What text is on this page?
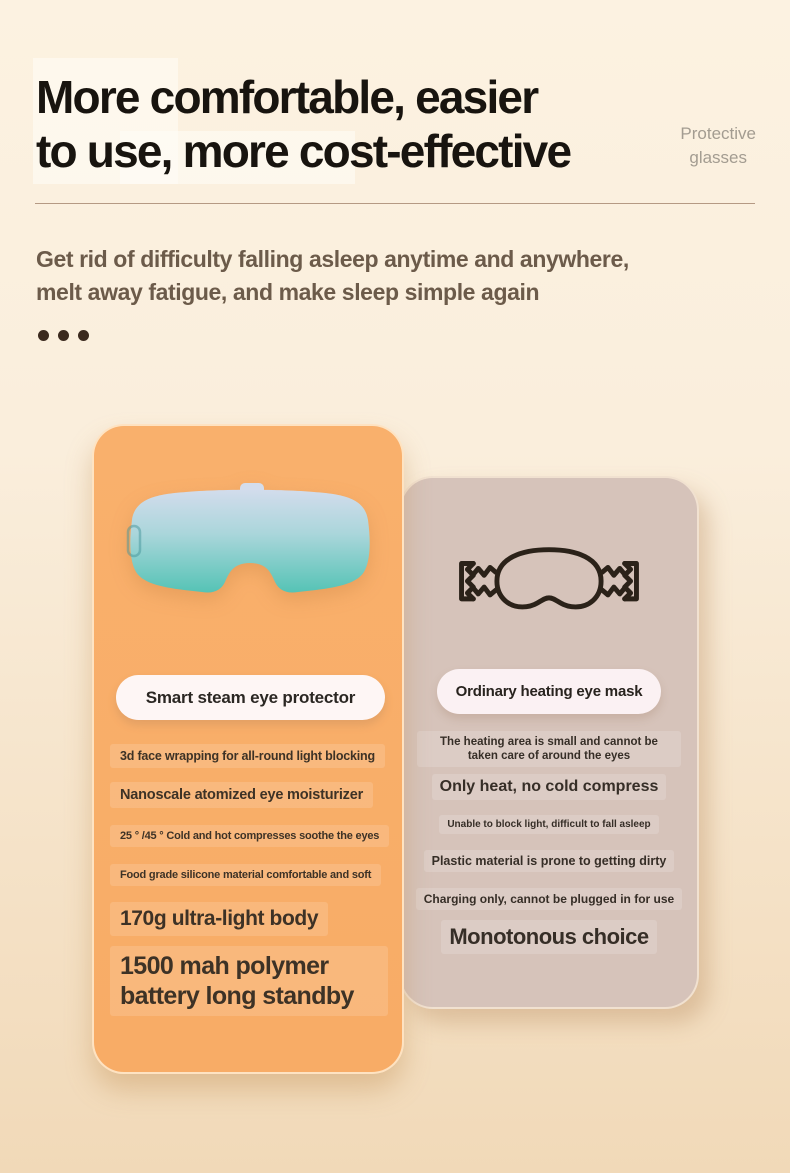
More comfortable, easier
to use, more cost-effective	Protective
glasses

Get rid of difficulty falling asleep anytime and anywhere,
melt away fatigue, and make sleep simple again

Ordinary heating eye mask
The heating area is small and cannot be taken care of around the eyes
Only heat, no cold compress
Unable to block light, difficult to fall asleep
Plastic material is prone to getting dirty
Charging only, cannot be plugged in for use
Monotonous choice
Smart steam eye protector
3d face wrapping for all-round light blocking
Nanoscale atomized eye moisturizer
25 ° /45 ° Cold and hot compresses soothe the eyes
Food grade silicone material comfortable and soft
170g ultra-light body
1500 mah polymer battery long standby
